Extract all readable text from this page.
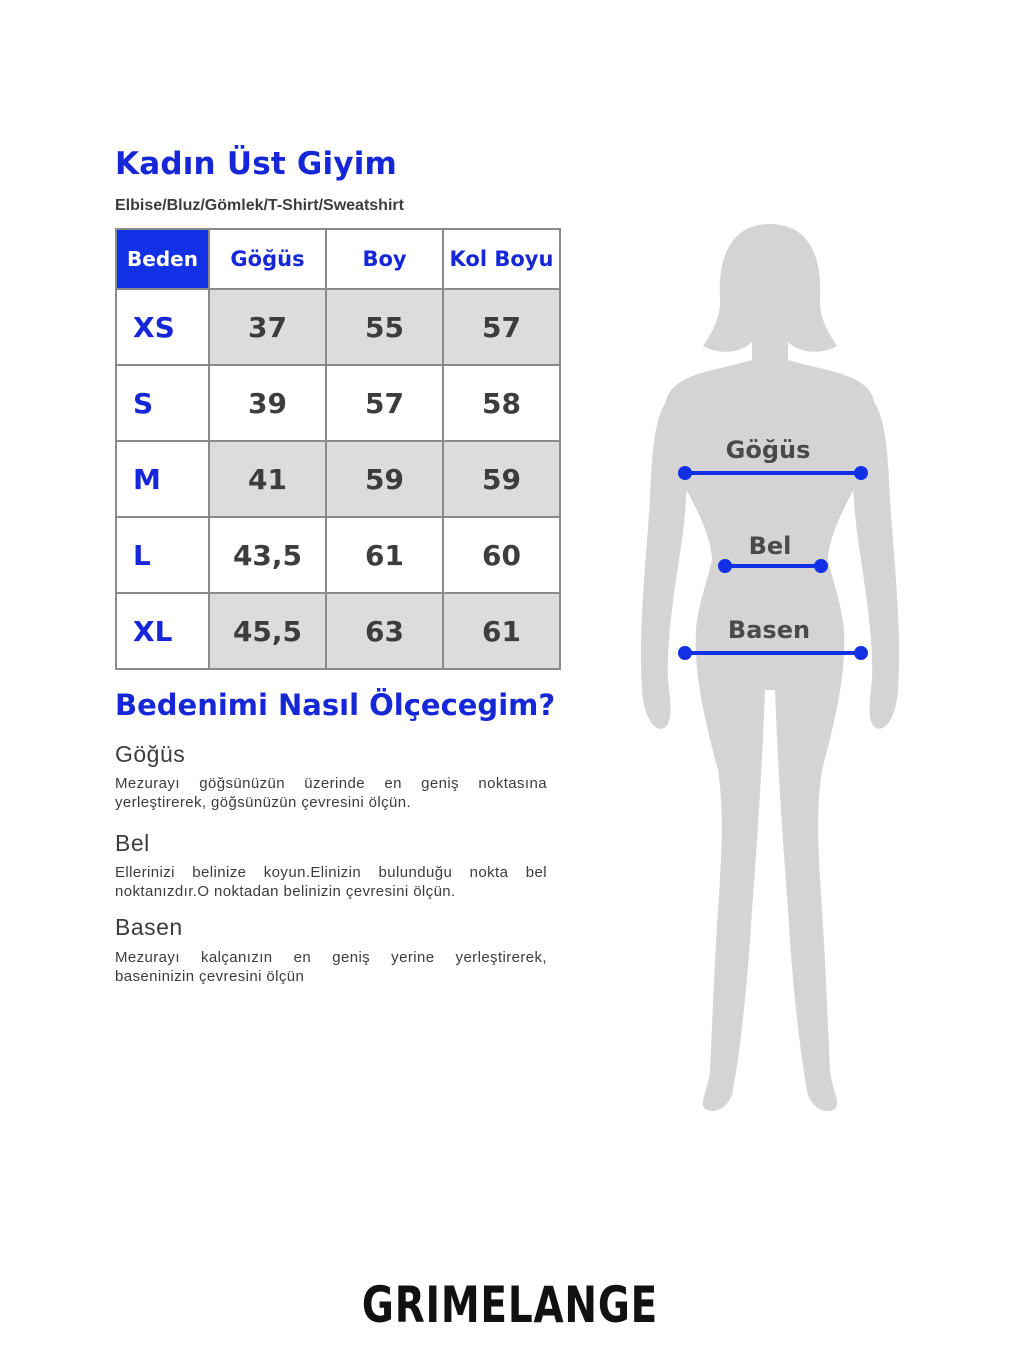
Kadın Üst Giyim
Elbise/Bluz/Gömlek/T-Shirt/Sweatshirt
Beden	Göğüs	Boy	Kol Boyu
XS	37	55	57
S	39	57	58
M	41	59	59
L	43,5	61	60
XL	45,5	63	61
Bedenimi Nasıl Ölçecegim?
Göğüs
Mezurayı göğsünüzün üzerinde en geniş noktasına yerleştirerek, göğsünüzün çevresini ölçün.
Bel
Ellerinizi belinize koyun.Elinizin bulunduğu nokta bel noktanızdır.O noktadan belinizin çevresini ölçün.
Basen
Mezurayı kalçanızın en geniş yerine yerleştirerek, baseninizin çevresini ölçün
Göğüs
Bel
Basen
GRIMELANGE
